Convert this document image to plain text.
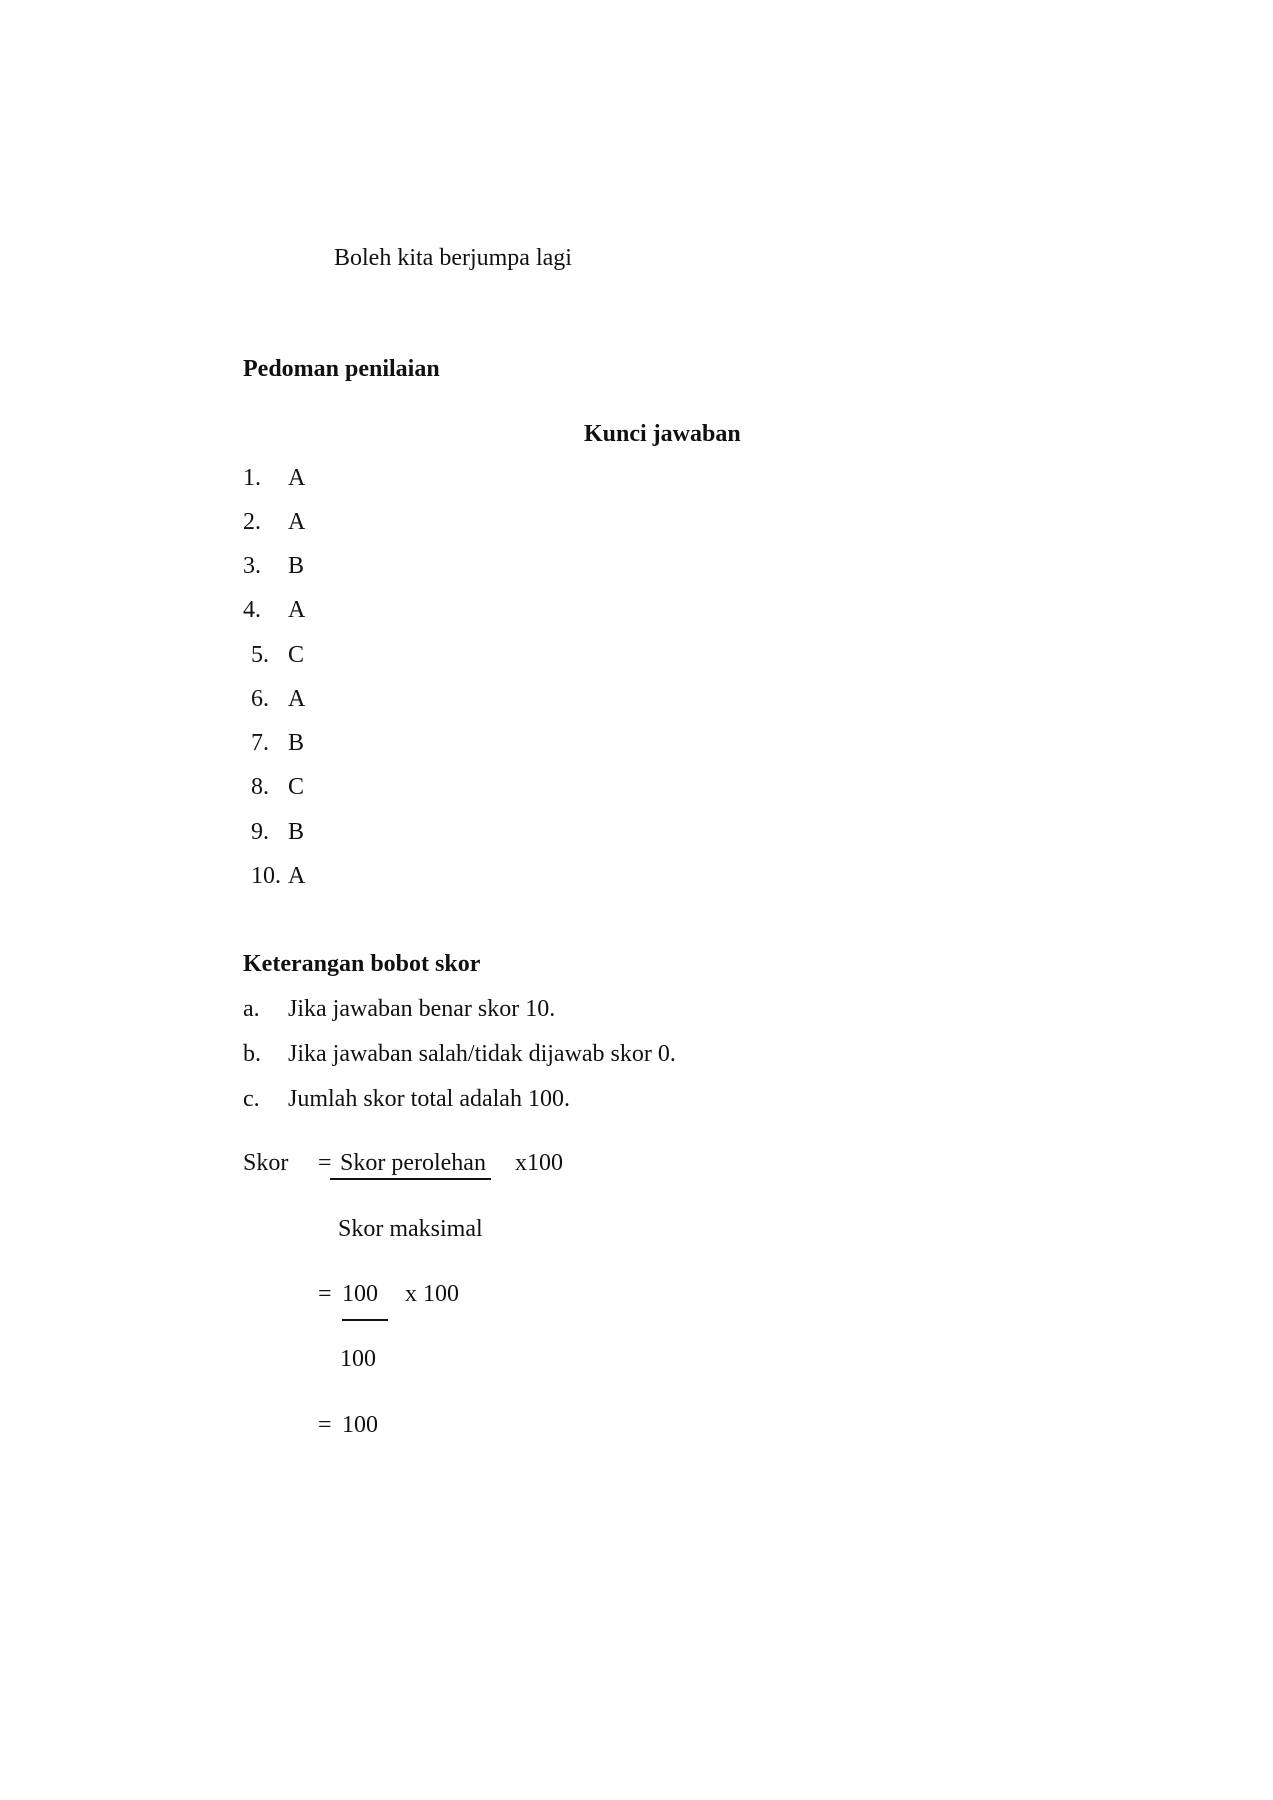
Boleh kita berjumpa lagi
Pedoman penilaian
Kunci jawaban
1. A
2. A
3. B
4. A
5. C
6. A
7. B
8. C
9. B
10. A
Keterangan bobot skor
a. Jika jawaban benar skor 10.
b. Jika jawaban salah/tidak dijawab skor 0.
c. Jumlah skor total adalah 100.
Skor = Skor perolehan x100
Skor maksimal
= 100 x 100
100
= 100
